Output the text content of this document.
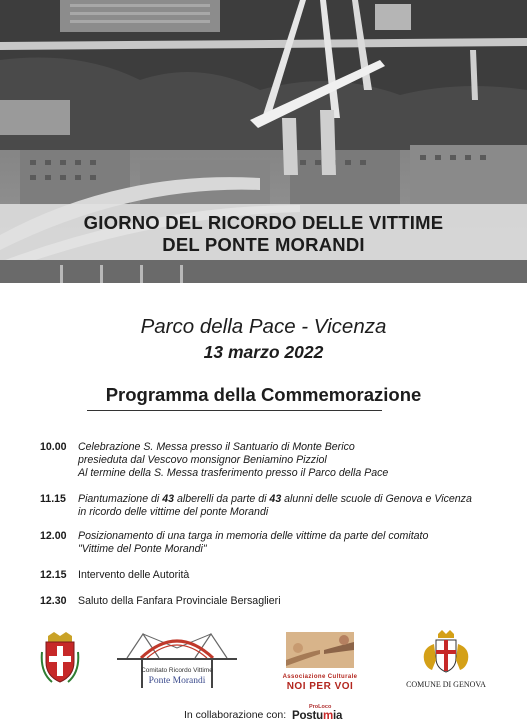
GIORNO DEL RICORDO DELLE VITTIME
DEL PONTE MORANDI
Parco della Pace - Vicenza
13 marzo 2022
Programma della Commemorazione
10.00	Celebrazione S. Messa presso il Santuario di Monte Berico
presieduta dal Vescovo monsignor Beniamino Pizziol
Al termine della S. Messa trasferimento presso il Parco della Pace
11.15	Piantumazione di 43 alberelli da parte di 43 alunni delle scuole di Genova e Vicenza
in ricordo delle vittime del ponte Morandi
12.00	Posizionamento di una targa in memoria delle vittime da parte del comitato
"Vittime del Ponte Morandi"
12.15	Intervento delle Autorità
12.30	Saluto della Fanfara Provinciale Bersaglieri
Comitato Ricordo Vittime
Ponte Morandi	Associazione Culturale
NOI PER VOI	COMUNE DI GENOVA
In collaborazione con:
ProLoco
Postumia
